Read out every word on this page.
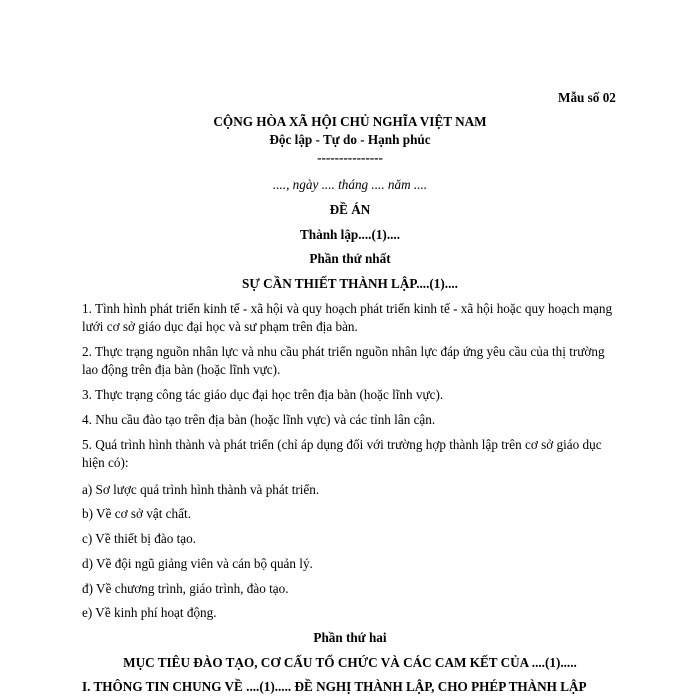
Mẫu số 02
CỘNG HÒA XÃ HỘI CHỦ NGHĨA VIỆT NAM
Độc lập - Tự do - Hạnh phúc
---------------
...., ngày .... tháng .... năm ....
ĐỀ ÁN
Thành lập....(1)....
Phần thứ nhất
SỰ CẦN THIẾT THÀNH LẬP....(1)....
1. Tình hình phát triển kinh tế - xã hội và quy hoạch phát triển kinh tế - xã hội hoặc quy hoạch mạng lưới cơ sở giáo dục đại học và sư phạm trên địa bàn.
2. Thực trạng nguồn nhân lực và nhu cầu phát triển nguồn nhân lực đáp ứng yêu cầu của thị trường lao động trên địa bàn (hoặc lĩnh vực).
3. Thực trạng công tác giáo dục đại học trên địa bàn (hoặc lĩnh vực).
4. Nhu cầu đào tạo trên địa bàn (hoặc lĩnh vực) và các tỉnh lân cận.
5. Quá trình hình thành và phát triển (chỉ áp dụng đối với trường hợp thành lập trên cơ sở giáo dục hiện có):
a) Sơ lược quá trình hình thành và phát triển.
b) Về cơ sở vật chất.
c) Về thiết bị đào tạo.
d) Về đội ngũ giảng viên và cán bộ quản lý.
đ) Về chương trình, giáo trình, đào tạo.
e) Về kinh phí hoạt động.
Phần thứ hai
MỤC TIÊU ĐÀO TẠO, CƠ CẤU TỔ CHỨC VÀ CÁC CAM KẾT CỦA ....(1).....
I. THÔNG TIN CHUNG VỀ ....(1)..... ĐỀ NGHỊ THÀNH LẬP, CHO PHÉP THÀNH LẬP
